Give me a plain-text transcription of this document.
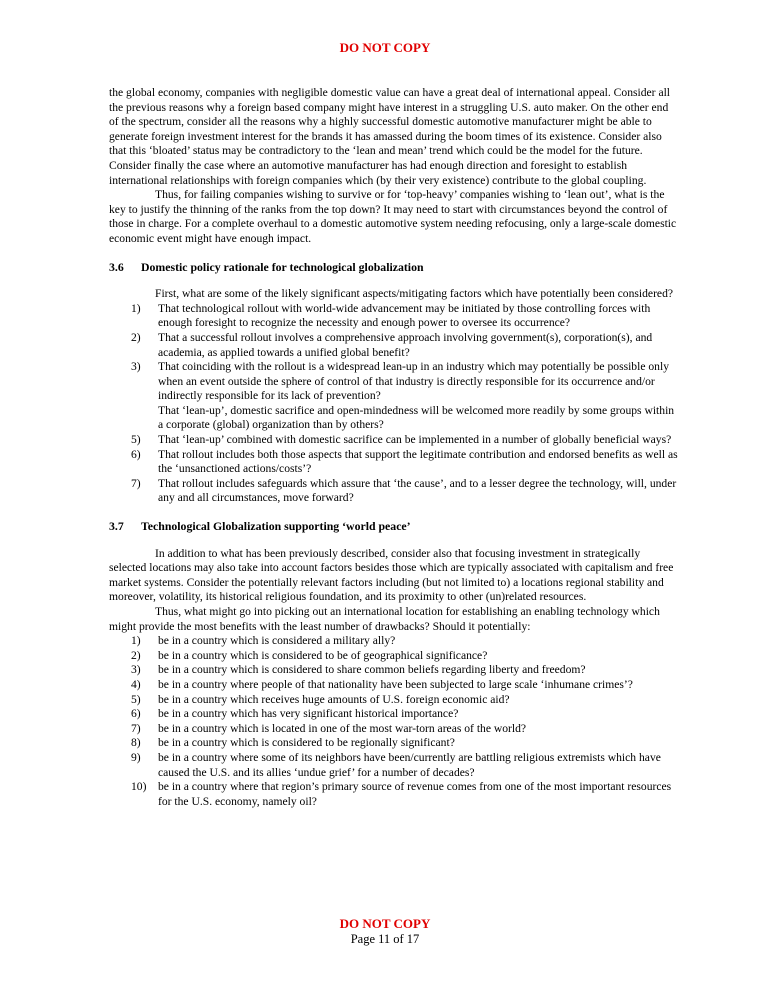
DO NOT COPY

the global economy, companies with negligible domestic value can have a great deal of international appeal. Consider all the previous reasons why a foreign based company might have interest in a struggling U.S. auto maker. On the other end of the spectrum, consider all the reasons why a highly successful domestic automotive manufacturer might be able to generate foreign investment interest for the brands it has amassed during the boom times of its existence. Consider also that this ‘bloated’ status may be contradictory to the ‘lean and mean’ trend which could be the model for the future. Consider finally the case where an automotive manufacturer has had enough direction and foresight to establish international relationships with foreign companies which (by their very existence) contribute to the global coupling.

Thus, for failing companies wishing to survive or for ‘top-heavy’ companies wishing to ‘lean out’, what is the key to justify the thinning of the ranks from the top down? It may need to start with circumstances beyond the control of those in charge. For a complete overhaul to a domestic automotive system needing refocusing, only a large-scale domestic economic event might have enough impact.

3.6 Domestic policy rationale for technological globalization

First, what are some of the likely significant aspects/mitigating factors which have potentially been considered?

1)	That technological rollout with world-wide advancement may be initiated by those controlling forces with enough foresight to recognize the necessity and enough power to oversee its occurrence?
2)	That a successful rollout involves a comprehensive approach involving government(s), corporation(s), and academia, as applied towards a unified global benefit?
3)	That coinciding with the rollout is a widespread lean-up in an industry which may potentially be possible only when an event outside the sphere of control of that industry is directly responsible for its occurrence and/or indirectly responsible for its lack of prevention?
That ‘lean-up’, domestic sacrifice and open-mindedness will be welcomed more readily by some groups within a corporate (global) organization than by others?
5)	That ‘lean-up’ combined with domestic sacrifice can be implemented in a number of globally beneficial ways?
6)	That rollout includes both those aspects that support the legitimate contribution and endorsed benefits as well as the ‘unsanctioned actions/costs’?
7)	That rollout includes safeguards which assure that ‘the cause’, and to a lesser degree the technology, will, under any and all circumstances, move forward?
3.7 Technological Globalization supporting ‘world peace’

In addition to what has been previously described, consider also that focusing investment in strategically selected locations may also take into account factors besides those which are typically associated with capitalism and free market systems. Consider the potentially relevant factors including (but not limited to) a locations regional stability and moreover, volatility, its historical religious foundation, and its proximity to other (un)related resources.

Thus, what might go into picking out an international location for establishing an enabling technology which might provide the most benefits with the least number of drawbacks? Should it potentially:

1)	be in a country which is considered a military ally?
2)	be in a country which is considered to be of geographical significance?
3)	be in a country which is considered to share common beliefs regarding liberty and freedom?
4)	be in a country where people of that nationality have been subjected to large scale ‘inhumane crimes’?
5)	be in a country which receives huge amounts of U.S. foreign economic aid?
6)	be in a country which has very significant historical importance?
7)	be in a country which is located in one of the most war-torn areas of the world?
8)	be in a country which is considered to be regionally significant?
9)	be in a country where some of its neighbors have been/currently are battling religious extremists which have caused the U.S. and its allies ‘undue grief’ for a number of decades?
10) be in a country where that region’s primary source of revenue comes from one of the most important resources for the U.S. economy, namely oil?
DO NOT COPY
Page 11 of 17
